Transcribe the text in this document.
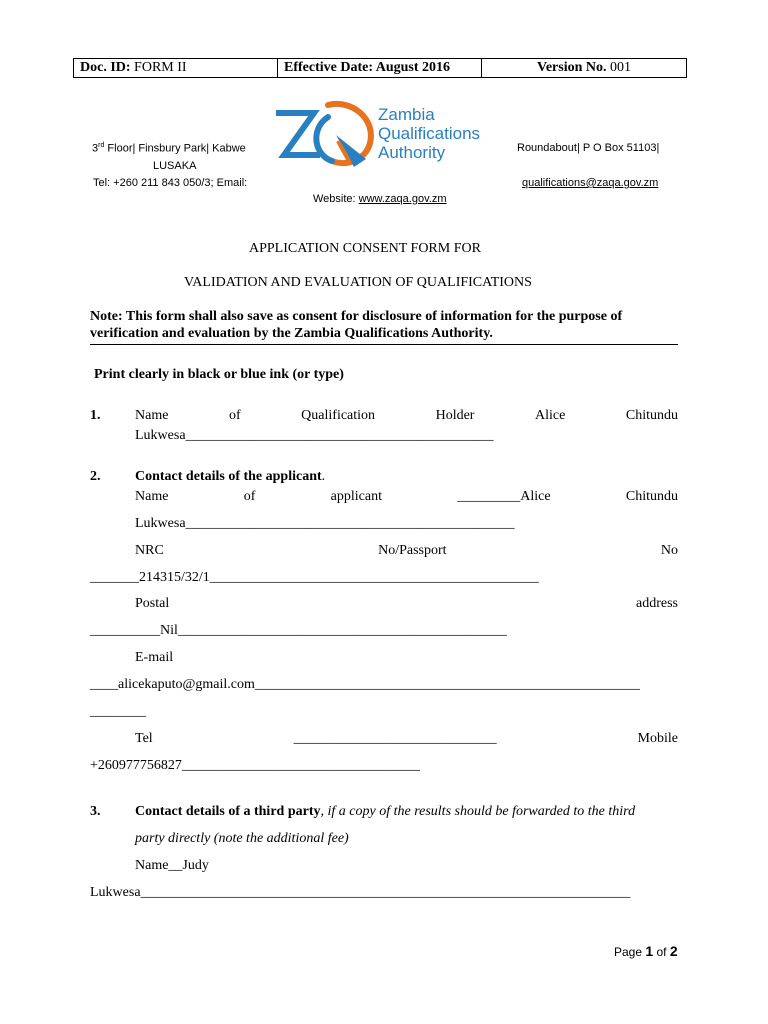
Doc. ID: FORM II	Effective Date: August 2016	Version No. 001
3rd Floor| Finsbury Park| Kabwe	Roundabout| P O Box 51103|
LUSAKA
Tel: +260 211 843 050/3; Email:	qualifications@zaqa.gov.zm
Website: www.zaqa.gov.zm
Zambia
Qualifications
Authority
APPLICATION CONSENT FORM FOR
VALIDATION AND EVALUATION OF QUALIFICATIONS
Note: This form shall also save as consent for disclosure of information for the purpose of
verification and evaluation by the Zambia Qualifications Authority.
Print clearly in black or blue ink (or type)
1. Name	of	Qualification	Holder	Alice	Chitundu
Lukwesa____________________________________________
2. Contact details of the applicant.
Name	of	applicant	_________Alice	Chitundu
Lukwesa_______________________________________________
NRC	No/Passport	No
_______214315/32/1_______________________________________________
Postal	address
__________Nil_______________________________________________
E-mail
____alicekaputo@gmail.com_______________________________________________________
________
Tel	_____________________________	Mobile
+260977756827__________________________________
3. Contact details of a third party, if a copy of the results should be forwarded to the third
party directly (note the additional fee)
Name__Judy
Lukwesa______________________________________________________________________
Page 1 of 2
